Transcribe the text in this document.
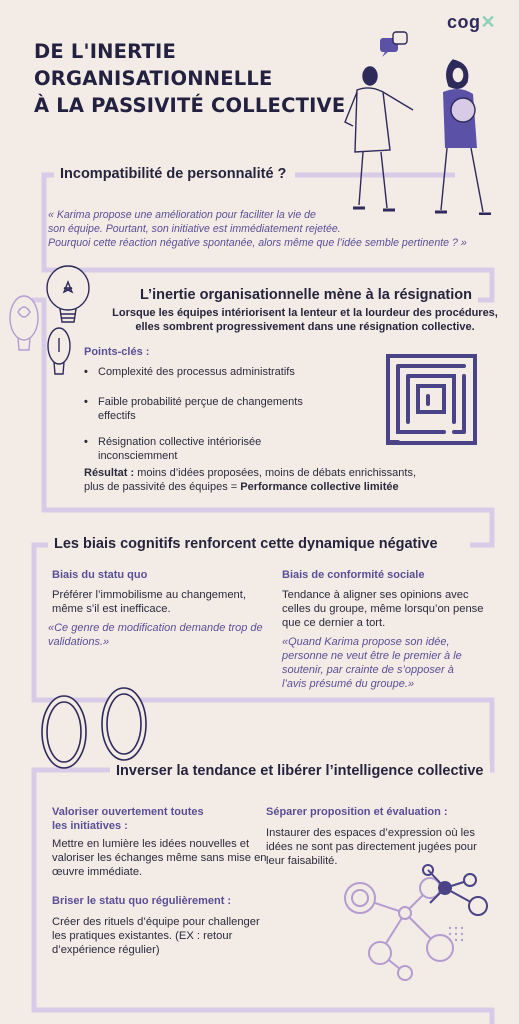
DE L'INERTIE
ORGANISATIONNELLE
À LA PASSIVITÉ COLLECTIVE
cog✕
Incompatibilité de personnalité ?
« Karima propose une amélioration pour faciliter la vie de
son équipe. Pourtant, son initiative est immédiatement rejetée.
Pourquoi cette réaction négative spontanée, alors même que l’idée semble pertinente ? »
L’inertie organisationnelle mène à la résignation
Lorsque les équipes intériorisent la lenteur et la lourdeur des procédures,
elles sombrent progressivement dans une résignation collective.
Points-clés :
• Complexité des processus administratifs
• Faible probabilité perçue de changements effectifs
• Résignation collective intériorisée inconsciemment
Résultat : moins d’idées proposées, moins de débats enrichissants,
plus de passivité des équipes = Performance collective limitée
Les biais cognitifs renforcent cette dynamique négative
Biais du statu quo
Préférer l’immobilisme au changement, même s’il est inefficace.
«Ce genre de modification demande trop de validations.»
Biais de conformité sociale
Tendance à aligner ses opinions avec celles du groupe, même lorsqu’on pense que ce dernier a tort.
«Quand Karima propose son idée, personne ne veut être le premier à le soutenir, par crainte de s’opposer à l’avis présumé du groupe.»
Inverser la tendance et libérer l’intelligence collective
Valoriser ouvertement toutes les initiatives :
Mettre en lumière les idées nouvelles et valoriser les échanges même sans mise en œuvre immédiate.
Séparer proposition et évaluation :
Instaurer des espaces d’expression où les idées ne sont pas directement jugées pour leur faisabilité.
Briser le statu quo régulièrement :
Créer des rituels d’équipe pour challenger les pratiques existantes. (EX : retour d’expérience régulier)
